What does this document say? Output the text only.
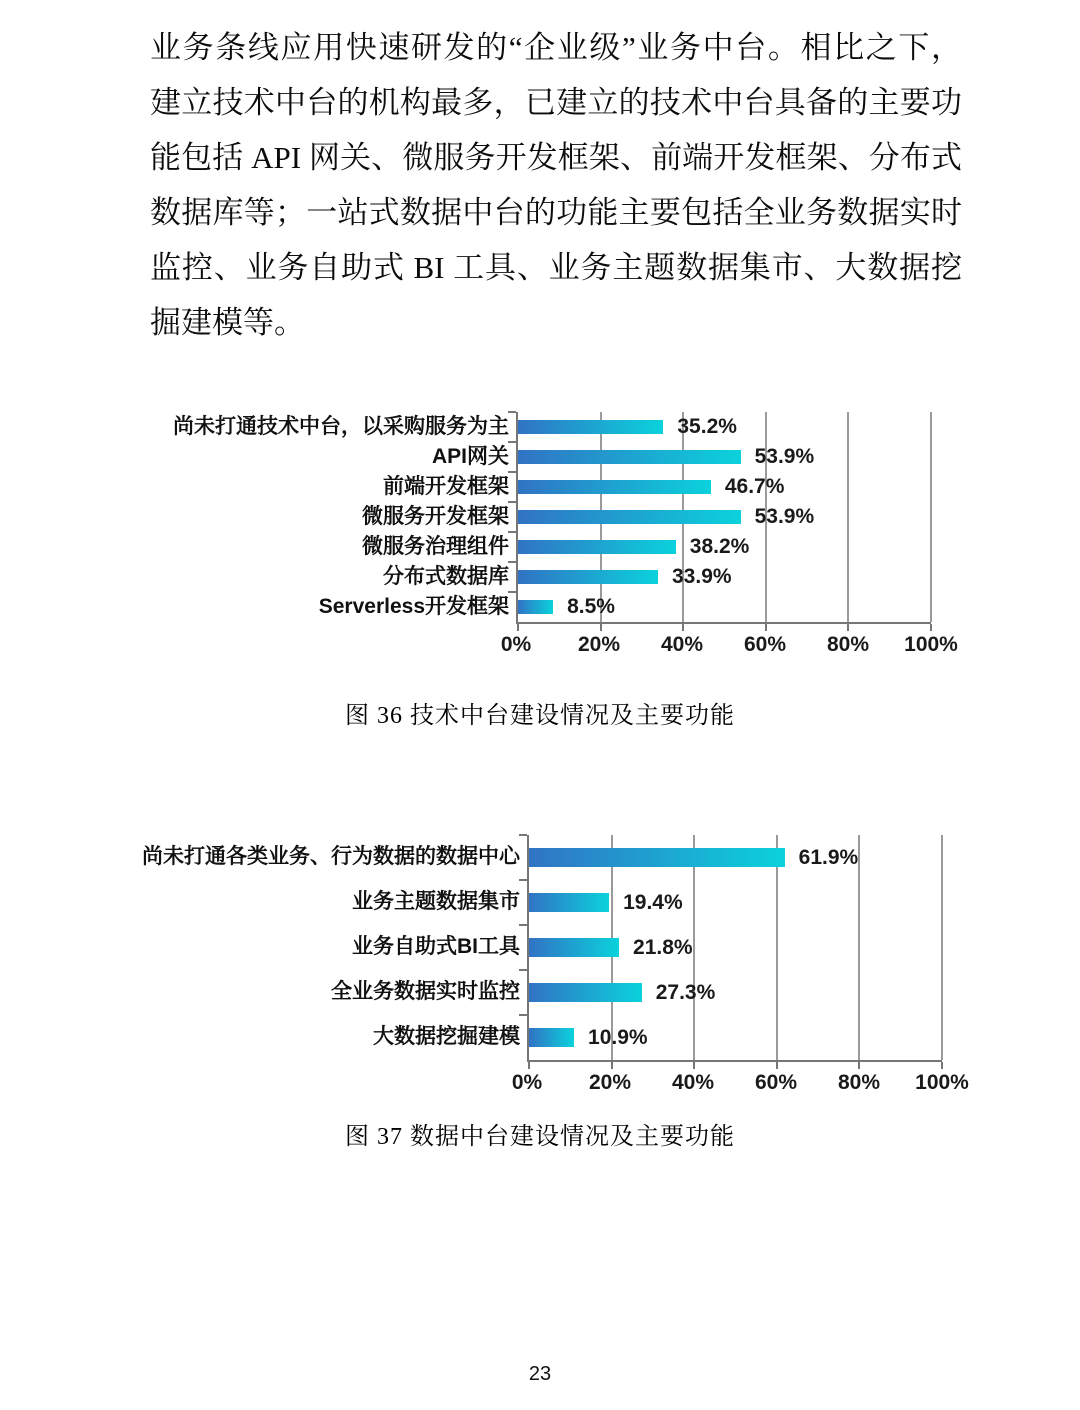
业务条线应用快速研发的“企业级”业务中台。相比之下，
建立技术中台的机构最多，已建立的技术中台具备的主要功
能包括 API 网关、微服务开发框架、前端开发框架、分布式
数据库等；一站式数据中台的功能主要包括全业务数据实时
监控、业务自助式 BI 工具、业务主题数据集市、大数据挖
掘建模等。
尚未打通技术中台，以采购服务为主
API网关
前端开发框架
微服务开发框架
微服务治理组件
分布式数据库
Serverless开发框架
35.2%
53.9%
46.7%
53.9%
38.2%
33.9%
8.5%
0% 20% 40% 60% 80% 100%
图 36 技术中台建设情况及主要功能
尚未打通各类业务、行为数据的数据中心
业务主题数据集市
业务自助式BI工具
全业务数据实时监控
大数据挖掘建模
61.9%
19.4%
21.8%
27.3%
10.9%
0% 20% 40% 60% 80% 100%
图 37 数据中台建设情况及主要功能
23
